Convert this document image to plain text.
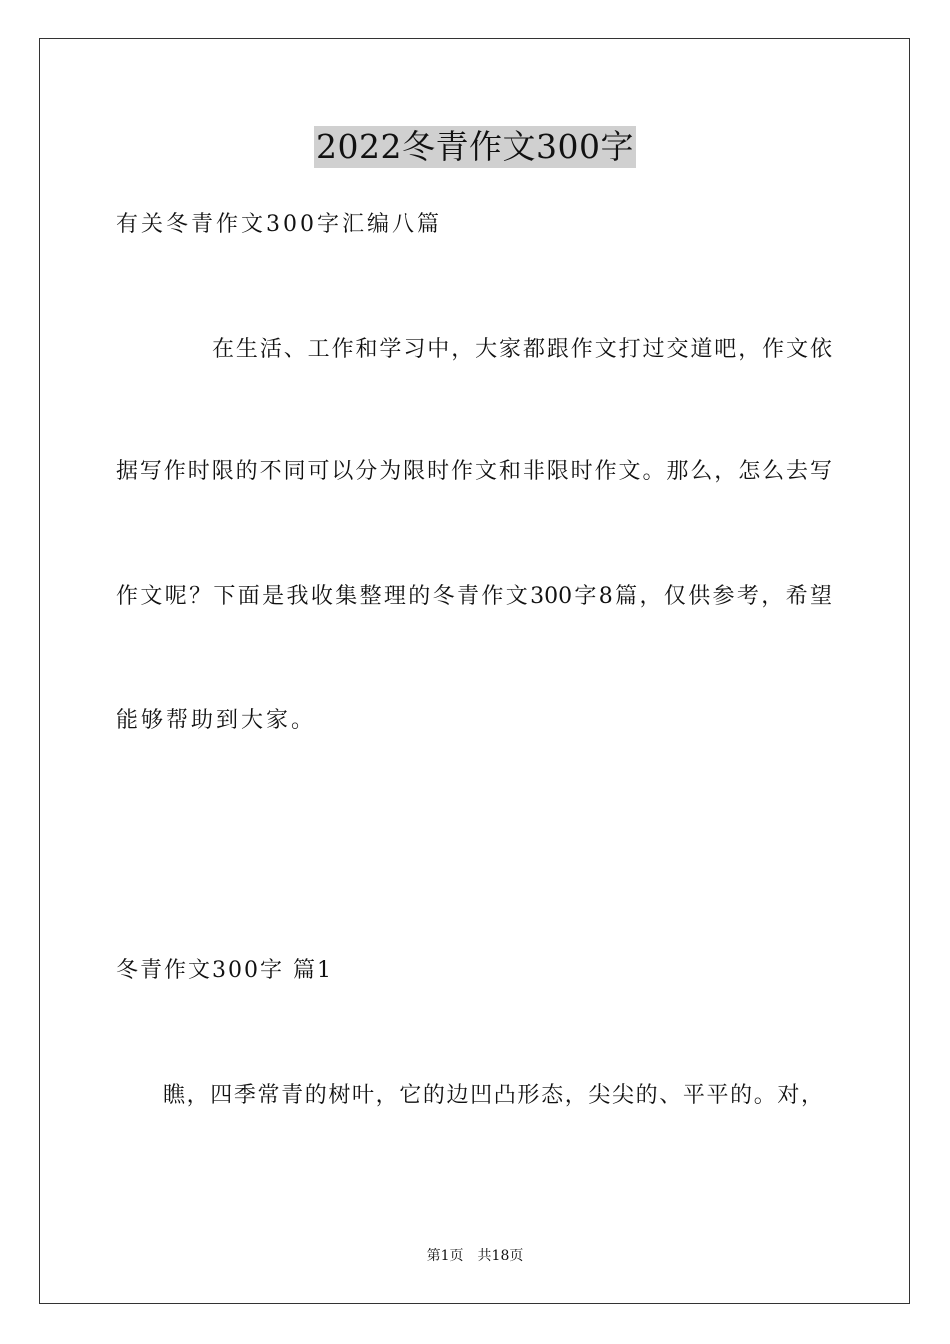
2022冬青作文300字
有关冬青作文300字汇编八篇
在生活、工作和学习中，大家都跟作文打过交道吧，作文依
据写作时限的不同可以分为限时作文和非限时作文。那么，怎么去写
作文呢？下面是我收集整理的冬青作文300字8篇，仅供参考，希望
能够帮助到大家。
冬青作文300字 篇1
瞧，四季常青的树叶，它的边凹凸形态，尖尖的、平平的。对，
第1页 共18页
